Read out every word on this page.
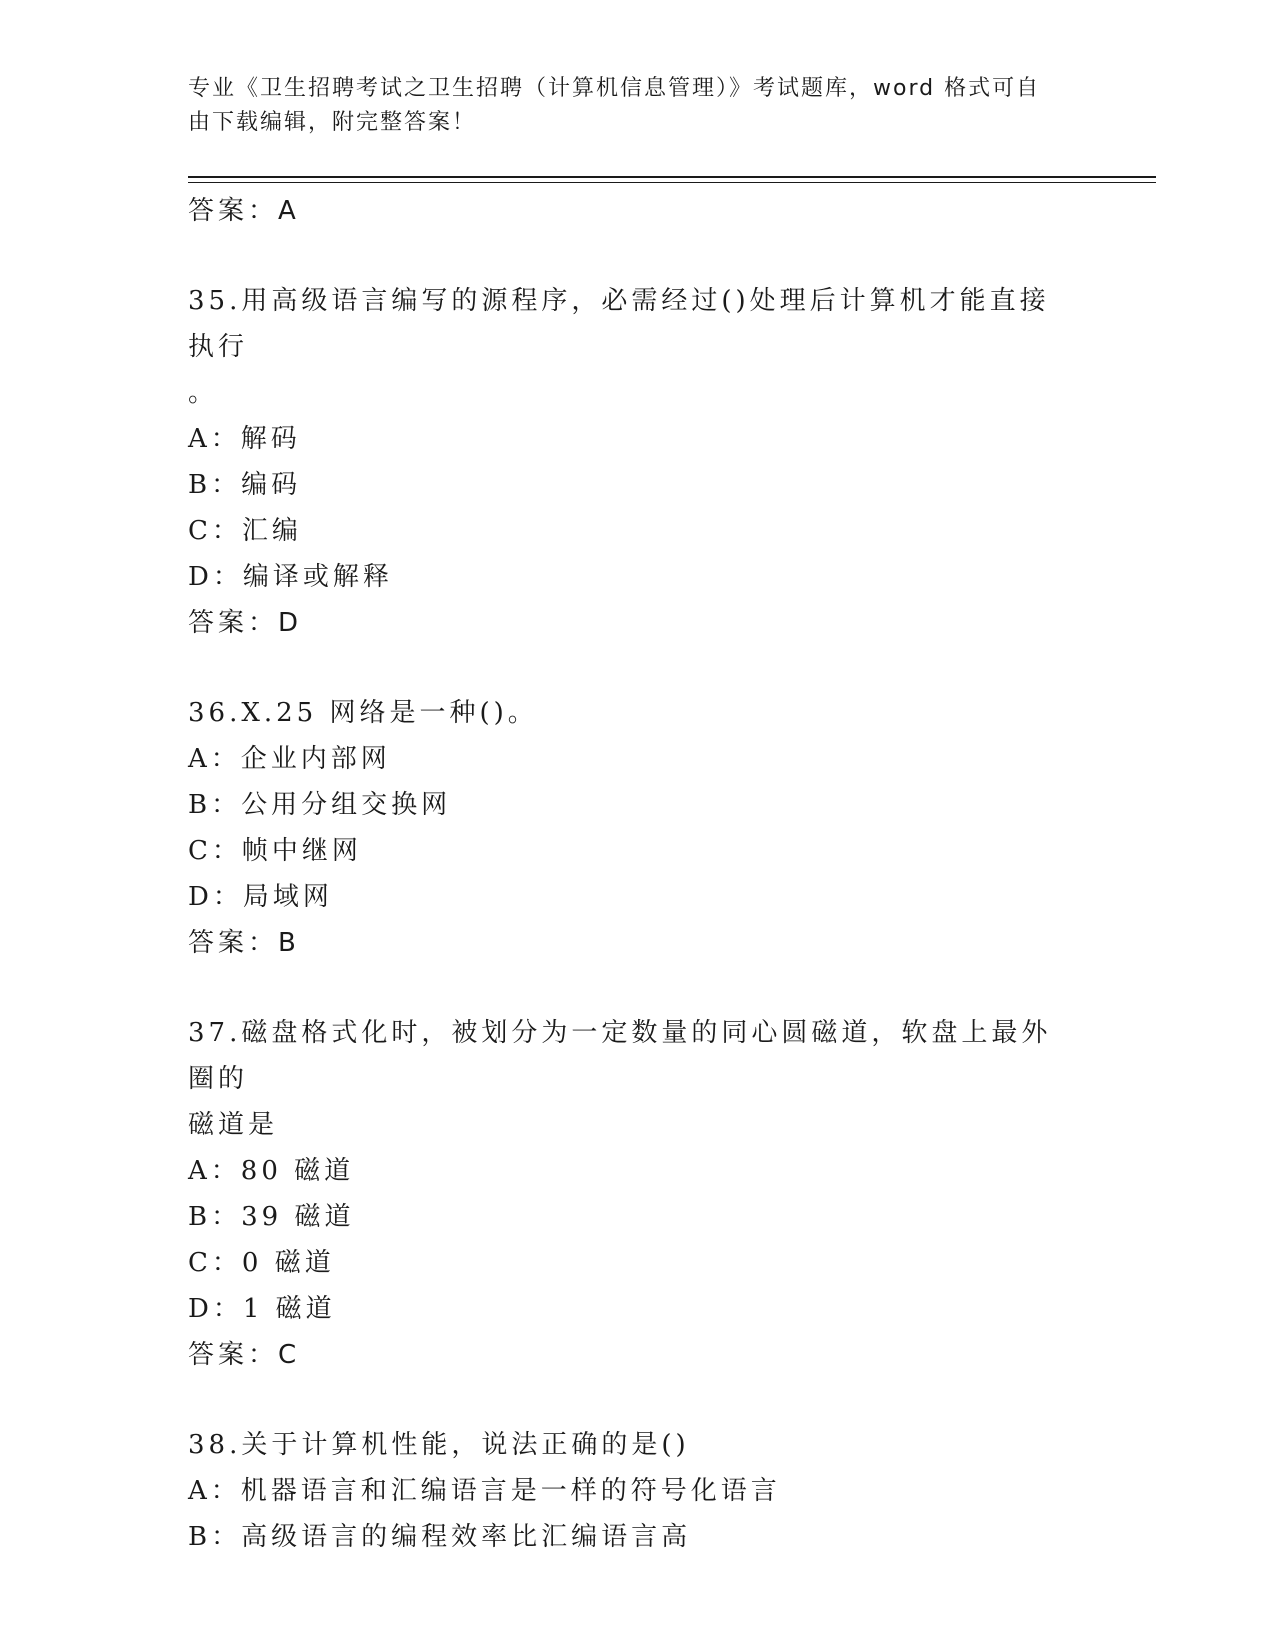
专业《卫生招聘考试之卫生招聘（计算机信息管理）》考试题库，word 格式可自
由下载编辑，附完整答案！
答案：A
35.用高级语言编写的源程序，必需经过()处理后计算机才能直接执行
。
A：解码
B：编码
C：汇编
D：编译或解释
答案：D
36.X.25 网络是一种()。
A：企业内部网
B：公用分组交换网
C：帧中继网
D：局域网
答案：B
37.磁盘格式化时，被划分为一定数量的同心圆磁道，软盘上最外圈的
磁道是
A：80 磁道
B：39 磁道
C：0 磁道
D：1 磁道
答案：C
38.关于计算机性能，说法正确的是()
A：机器语言和汇编语言是一样的符号化语言
B：高级语言的编程效率比汇编语言高
